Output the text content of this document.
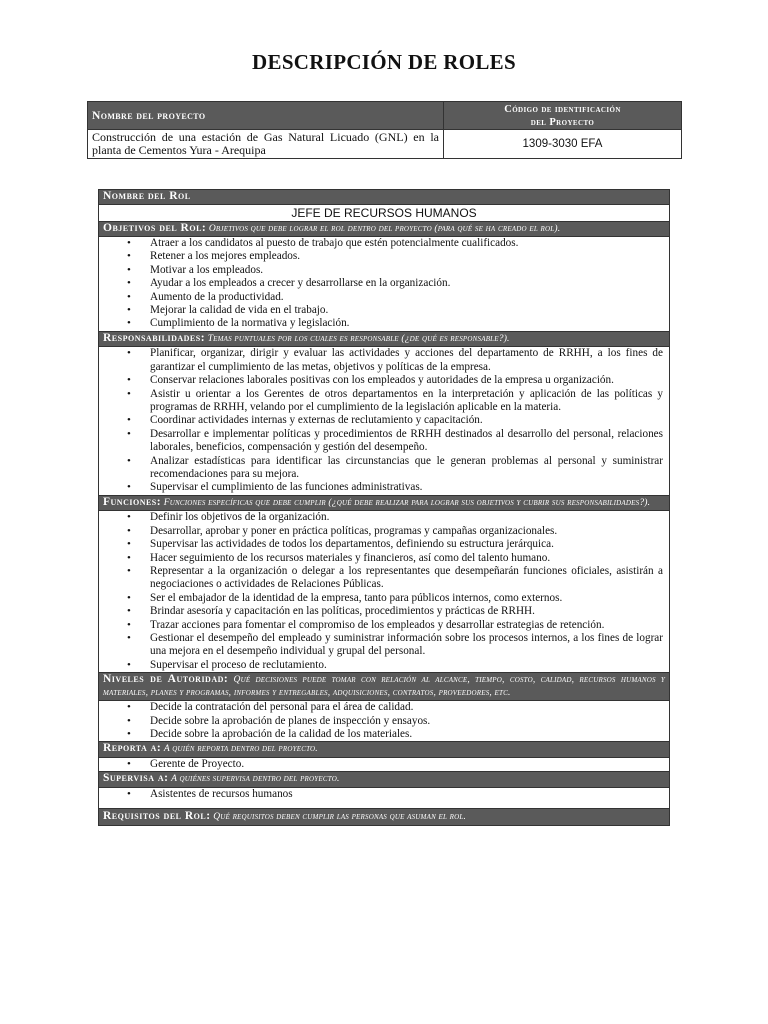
DESCRIPCIÓN DE ROLES
Nombre del proyecto	Código de identificación
del Proyecto

Construcción de una estación de Gas Natural Licuado (GNL) en la planta de Cementos Yura - Arequipa	1309-3030 EFA
Nombre del Rol
JEFE DE RECURSOS HUMANOS
Objetivos del Rol: Objetivos que debe lograr el rol dentro del proyecto (para qué se ha creado el rol).
• Atraer a los candidatos al puesto de trabajo que estén potencialmente cualificados.
• Retener a los mejores empleados.
• Motivar a los empleados.
• Ayudar a los empleados a crecer y desarrollarse en la organización.
• Aumento de la productividad.
• Mejorar la calidad de vida en el trabajo.
• Cumplimiento de la normativa y legislación.
Responsabilidades: Temas puntuales por los cuales es responsable (¿de qué es responsable?).
• Planificar, organizar, dirigir y evaluar las actividades y acciones del departamento de RRHH, a los fines de garantizar el cumplimiento de las metas, objetivos y políticas de la empresa.
• Conservar relaciones laborales positivas con los empleados y autoridades de la empresa u organización.
• Asistir u orientar a los Gerentes de otros departamentos en la interpretación y aplicación de las políticas y programas de RRHH, velando por el cumplimiento de la legislación aplicable en la materia.
• Coordinar actividades internas y externas de reclutamiento y capacitación.
• Desarrollar e implementar políticas y procedimientos de RRHH destinados al desarrollo del personal, relaciones laborales, beneficios, compensación y gestión del desempeño.
• Analizar estadísticas para identificar las circunstancias que le generan problemas al personal y suministrar recomendaciones para su mejora.
• Supervisar el cumplimiento de las funciones administrativas.
Funciones: Funciones específicas que debe cumplir (¿qué debe realizar para lograr sus objetivos y cubrir sus responsabilidades?).
• Definir los objetivos de la organización.
• Desarrollar, aprobar y poner en práctica políticas, programas y campañas organizacionales.
• Supervisar las actividades de todos los departamentos, definiendo su estructura jerárquica.
• Hacer seguimiento de los recursos materiales y financieros, así como del talento humano.
• Representar a la organización o delegar a los representantes que desempeñarán funciones oficiales, asistirán a negociaciones o actividades de Relaciones Públicas.
• Ser el embajador de la identidad de la empresa, tanto para públicos internos, como externos.
• Brindar asesoría y capacitación en las políticas, procedimientos y prácticas de RRHH.
• Trazar acciones para fomentar el compromiso de los empleados y desarrollar estrategias de retención.
• Gestionar el desempeño del empleado y suministrar información sobre los procesos internos, a los fines de lograr una mejora en el desempeño individual y grupal del personal.
• Supervisar el proceso de reclutamiento.
Niveles de Autoridad: Qué decisiones puede tomar con relación al alcance, tiempo, costo, calidad, recursos humanos y materiales, planes y programas, informes y entregables, adquisiciones, contratos, proveedores, etc.
• Decide la contratación del personal para el área de calidad.
• Decide sobre la aprobación de planes de inspección y ensayos.
• Decide sobre la aprobación de la calidad de los materiales.
Reporta a: A quién reporta dentro del proyecto.
• Gerente de Proyecto.
Supervisa a: A quiénes supervisa dentro del proyecto.
• Asistentes de recursos humanos
Requisitos del Rol: Qué requisitos deben cumplir las personas que asuman el rol.
